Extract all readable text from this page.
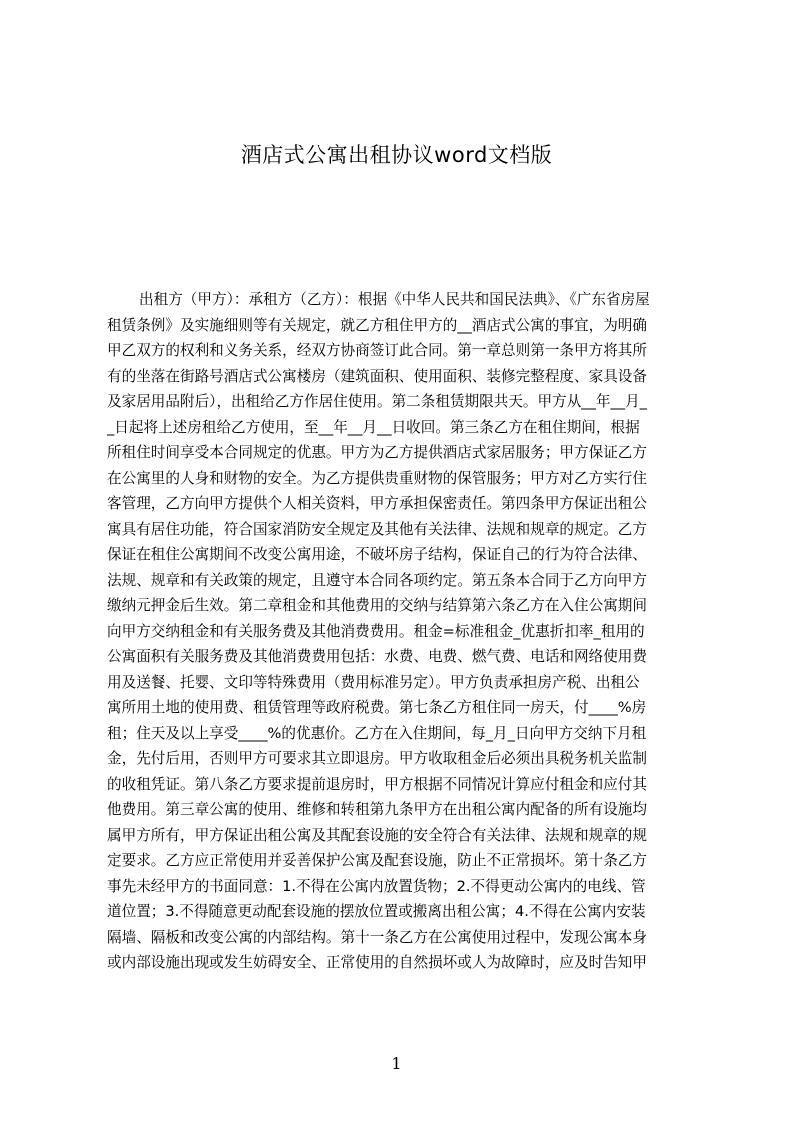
酒店式公寓出租协议word文档版
出租方（甲方）：承租方（乙方）：根据《中华人民共和国民法典》、《广东省房屋
租赁条例》及实施细则等有关规定，就乙方租住甲方的__酒店式公寓的事宜，为明确
甲乙双方的权利和义务关系，经双方协商签订此合同。第一章总则第一条甲方将其所
有的坐落在街路号酒店式公寓楼房（建筑面积、使用面积、装修完整程度、家具设备
及家居用品附后），出租给乙方作居住使用。第二条租赁期限共天。甲方从__年__月_
_日起将上述房租给乙方使用，至__年__月__日收回。第三条乙方在租住期间，根据
所租住时间享受本合同规定的优惠。甲方为乙方提供酒店式家居服务；甲方保证乙方
在公寓里的人身和财物的安全。为乙方提供贵重财物的保管服务；甲方对乙方实行住
客管理，乙方向甲方提供个人相关资料，甲方承担保密责任。第四条甲方保证出租公
寓具有居住功能，符合国家消防安全规定及其他有关法律、法规和规章的规定。乙方
保证在租住公寓期间不改变公寓用途，不破坏房子结构，保证自己的行为符合法律、
法规、规章和有关政策的规定，且遵守本合同各项约定。第五条本合同于乙方向甲方
缴纳元押金后生效。第二章租金和其他费用的交纳与结算第六条乙方在入住公寓期间
向甲方交纳租金和有关服务费及其他消费费用。租金=标准租金_优惠折扣率_租用的
公寓面积有关服务费及其他消费费用包括：水费、电费、燃气费、电话和网络使用费
用及送餐、托婴、文印等特殊费用（费用标准另定）。甲方负责承担房产税、出租公
寓所用土地的使用费、租赁管理等政府税费。第七条乙方租住同一房天，付____%房
租；住天及以上享受____%的优惠价。乙方在入住期间，每_月_日向甲方交纳下月租
金，先付后用，否则甲方可要求其立即退房。甲方收取租金后必须出具税务机关监制
的收租凭证。第八条乙方要求提前退房时，甲方根据不同情况计算应付租金和应付其
他费用。第三章公寓的使用、维修和转租第九条甲方在出租公寓内配备的所有设施均
属甲方所有，甲方保证出租公寓及其配套设施的安全符合有关法律、法规和规章的规
定要求。乙方应正常使用并妥善保护公寓及配套设施，防止不正常损坏。第十条乙方
事先未经甲方的书面同意：1.不得在公寓内放置货物；2.不得更动公寓内的电线、管
道位置；3.不得随意更动配套设施的摆放位置或搬离出租公寓；4.不得在公寓内安装
隔墙、隔板和改变公寓的内部结构。第十一条乙方在公寓使用过程中，发现公寓本身
或内部设施出现或发生妨碍安全、正常使用的自然损坏或人为故障时，应及时告知甲
1
